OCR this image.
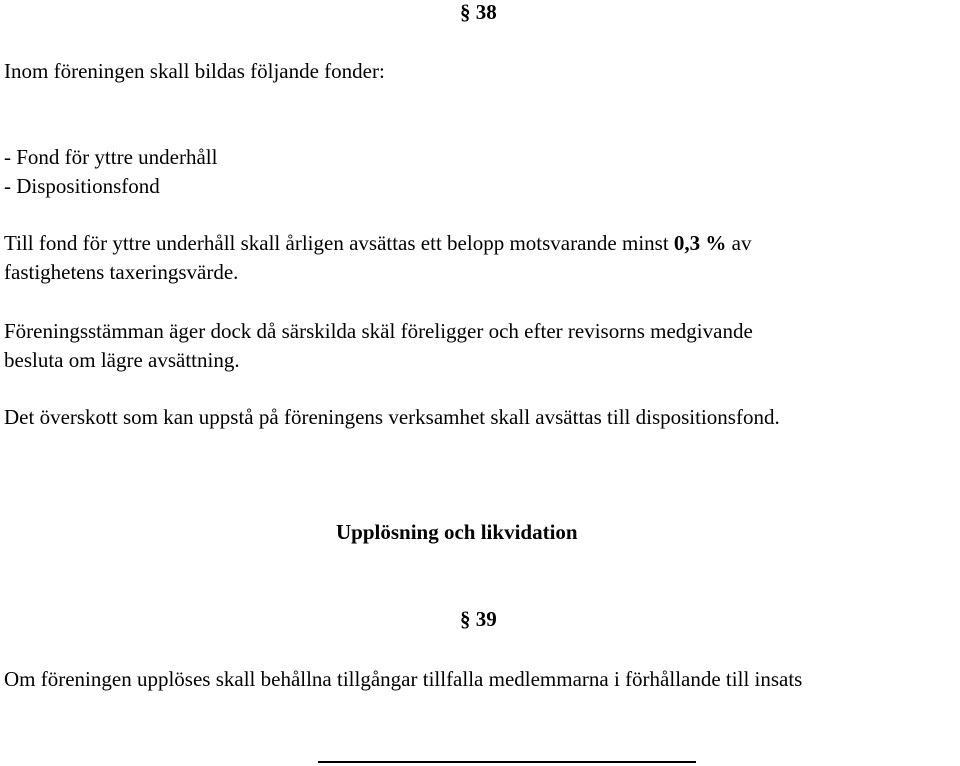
§ 38
Inom föreningen skall bildas följande fonder:
- Fond för yttre underhåll
- Dispositionsfond
Till fond för yttre underhåll skall årligen avsättas ett belopp motsvarande minst 0,3 % av
fastighetens taxeringsvärde.
Föreningsstämman äger dock då särskilda skäl föreligger och efter revisorns medgivande
besluta om lägre avsättning.
Det överskott som kan uppstå på föreningens verksamhet skall avsättas till dispositionsfond.
Upplösning och likvidation
§ 39
Om föreningen upplöses skall behållna tillgångar tillfalla medlemmarna i förhållande till insats
